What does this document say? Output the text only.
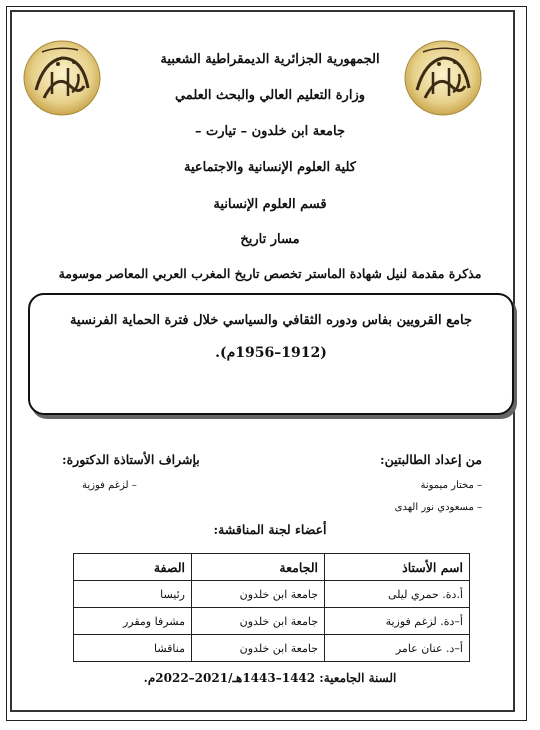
الجمهورية الجزائرية الديمقراطية الشعبية
وزارة التعليم العالي والبحث العلمي
جامعة ابن خلدون – تيارت –
كلية العلوم الإنسانية والاجتماعية
قسم العلوم الإنسانية
مسار تاريخ
مذكرة مقدمة لنيل شهادة الماستر تخصص تاريخ المغرب العربي المعاصر موسومة
جامع القرويين بفاس ودوره الثقافي والسياسي خلال فترة الحماية الفرنسية
(1912–1956م).
من إعداد الطالبتين:
– مختار ميمونة
– مسعودي نور الهدى
بإشراف الأستاذة الدكتورة:
– لزغم فوزية
أعضاء لجنة المناقشة:
اسم الأستاذ	الجامعة	الصفة
أ.دة. حمري ليلى	جامعة ابن خلدون	رئيسا
أ–دة. لزغم فوزية	جامعة ابن خلدون	مشرفا ومقرر
أ–د. عنان عامر	جامعة ابن خلدون	مناقشا
السنة الجامعية: 1442–1443هـ/2021–2022م.
